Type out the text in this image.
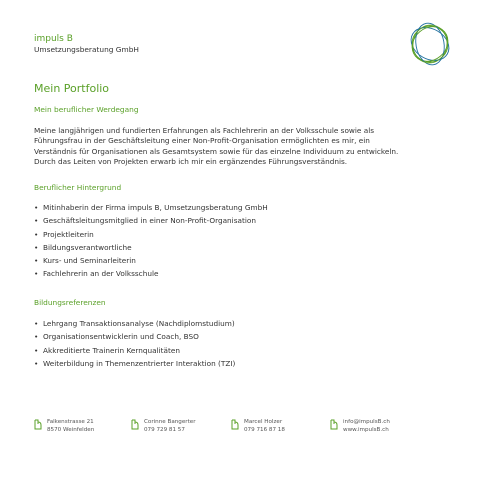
impuls B
Umsetzungsberatung GmbH
Mein Portfolio
Mein beruflicher Werdegang
Meine langjährigen und fundierten Erfahrungen als Fachlehrerin an der Volksschule sowie als
Führungsfrau in der Geschäftsleitung einer Non-Profit-Organisation ermöglichten es mir, ein
Verständnis für Organisationen als Gesamtsystem sowie für das einzelne Individuum zu entwickeln.
Durch das Leiten von Projekten erwarb ich mir ein ergänzendes Führungsverständnis.
Beruflicher Hintergrund
• Mitinhaberin der Firma impuls B, Umsetzungsberatung GmbH
• Geschäftsleitungsmitglied in einer Non-Profit-Organisation
• Projektleiterin
• Bildungsverantwortliche
• Kurs- und Seminarleiterin
• Fachlehrerin an der Volksschule
Bildungsreferenzen
• Lehrgang Transaktionsanalyse (Nachdiplomstudium)
• Organisationsentwicklerin und Coach, BSO
• Akkreditierte Trainerin Kernqualitäten
• Weiterbildung in Themenzentrierter Interaktion (TZI)
Falkenstrasse 21
8570 Weinfelden
Corinne Bangerter
079 729 81 57
Marcel Holzer
079 716 87 18
info@impulsB.ch
www.impulsB.ch
